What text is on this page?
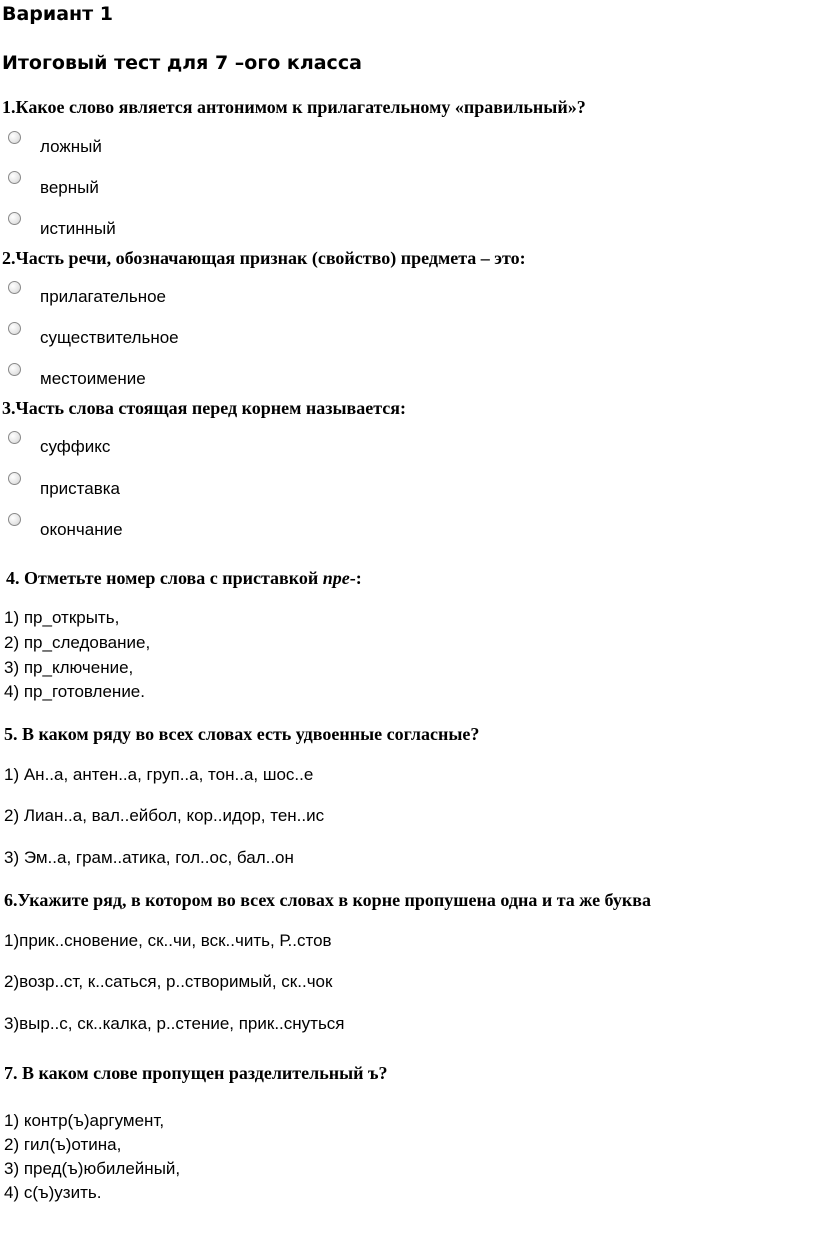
Вариант 1
Итоговый тест для 7 –ого класса
1.Какое слово является антонимом к прилагательному «правильный»?
ложный
верный
истинный
2.Часть речи, обозначающая признак (свойство) предмета – это:
прилагательное
существительное
местоимение
3.Часть слова стоящая перед корнем называется:
суффикс
приставка
окончание
4. Отметьте номер слова с приставкой пре-:
1) пр_открыть,
2) пр_следование,
3) пр_ключение,
4) пр_готовление.
5. В каком ряду во всех словах есть удвоенные согласные?
1) Ан..а, антен..а, груп..а, тон..а, шос..е
2) Лиан..а, вал..ейбол, кор..идор, тен..ис
3) Эм..а, грам..атика, гол..ос, бал..он
6.Укажите ряд, в котором во всех словах в корне пропушена одна и та же буква
1)прик..сновение, ск..чи, вск..чить, Р..стов
2)возр..ст, к..саться, р..створимый, ск..чок
3)выр..с, ск..калка, р..стение, прик..снуться
7. В каком слове пропущен разделительный ъ?
1) контр(ъ)аргумент,
2) гил(ъ)отина,
3) пред(ъ)юбилейный,
4) с(ъ)узить.
